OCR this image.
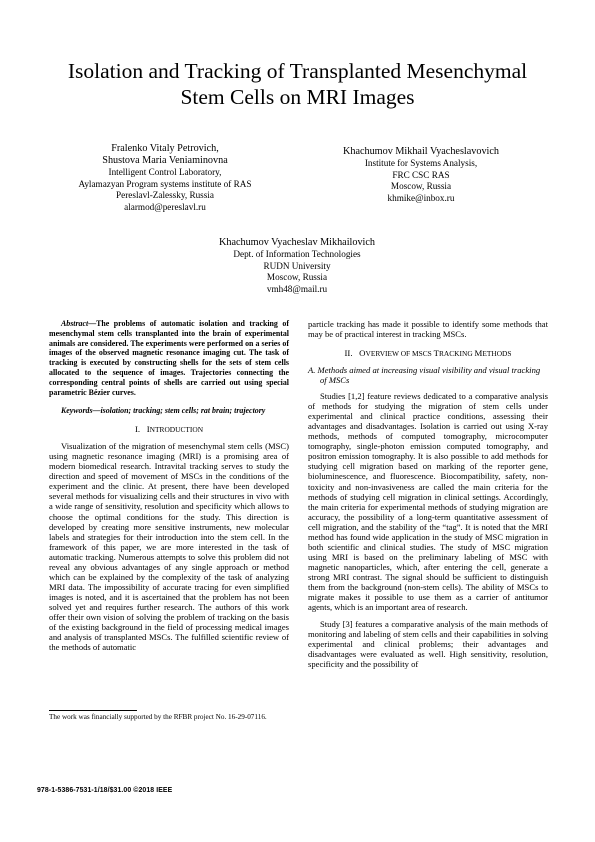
Isolation and Tracking of Transplanted Mesenchymal
Stem Cells on MRI Images
Fralenko Vitaly Petrovich,
Shustova Maria Veniaminovna
Intelligent Control Laboratory,
Aylamazyan Program systems institute of RAS
Pereslavl-Zalessky, Russia
alarmod@pereslavl.ru
Khachumov Mikhail Vyacheslavovich
Institute for Systems Analysis,
FRC CSC RAS
Moscow, Russia
khmike@inbox.ru
Khachumov Vyacheslav Mikhailovich
Dept. of Information Technologies
RUDN University
Moscow, Russia
vmh48@mail.ru

Abstract—The problems of automatic isolation and tracking of mesenchymal stem cells transplanted into the brain of experimental animals are considered. The experiments were performed on a series of images of the observed magnetic resonance imaging cut. The task of tracking is executed by constructing shells for the sets of stem cells allocated to the sequence of images. Trajectories connecting the corresponding central points of shells are carried out using special parametric Bézier curves.

Keywords—isolation; tracking; stem cells; rat brain; trajectory

I. INTRODUCTION

Visualization of the migration of mesenchymal stem cells (MSC) using magnetic resonance imaging (MRI) is a promising area of modern biomedical research. Intravital tracking serves to study the direction and speed of movement of MSCs in the conditions of the experiment and the clinic. At present, there have been developed several methods for visualizing cells and their structures in vivo with a wide range of sensitivity, resolution and specificity which allows to choose the optimal conditions for the study. This direction is developed by creating more sensitive instruments, new molecular labels and strategies for their introduction into the stem cell. In the framework of this paper, we are more interested in the task of automatic tracking. Numerous attempts to solve this problem did not reveal any obvious advantages of any single approach or method which can be explained by the complexity of the task of analyzing MRI data. The impossibility of accurate tracing for even simplified images is noted, and it is ascertained that the problem has not been solved yet and requires further research. The authors of this work offer their own vision of solving the problem of tracking on the basis of the existing background in the field of processing medical images and analysis of transplanted MSCs. The fulfilled scientific review of the methods of automatic

particle tracking has made it possible to identify some methods that may be of practical interest in tracking MSCs.

II. OVERVIEW OF MSCS TRACKING METHODS
A. Methods aimed at increasing visual visibility and visual tracking of MSCs

Studies [1,2] feature reviews dedicated to a comparative analysis of methods for studying the migration of stem cells under experimental and clinical practice conditions, assessing their advantages and disadvantages. Isolation is carried out using X-ray methods, methods of computed tomography, microcomputer tomography, single-photon emission computed tomography, and positron emission tomography. It is also possible to add methods for studying cell migration based on marking of the reporter gene, bioluminescence, and fluorescence. Biocompatibility, safety, non-toxicity and non-invasiveness are called the main criteria for the methods of studying cell migration in clinical settings. Accordingly, the main criteria for experimental methods of studying migration are accuracy, the possibility of a long-term quantitative assessment of cell migration, and the stability of the “tag”. It is noted that the MRI method has found wide application in the study of MSC migration in both scientific and clinical studies. The study of MSC migration using MRI is based on the preliminary labeling of MSC with magnetic nanoparticles, which, after entering the cell, generate a strong MRI contrast. The signal should be sufficient to distinguish them from the background (non-stem cells). The ability of MSCs to migrate makes it possible to use them as a carrier of antitumor agents, which is an important area of research.

Study [3] features a comparative analysis of the main methods of monitoring and labeling of stem cells and their capabilities in solving experimental and clinical problems; their advantages and disadvantages were evaluated as well. High sensitivity, resolution, specificity and the possibility of

The work was financially supported by the RFBR project No. 16-29-07116.
978-1-5386-7531-1/18/$31.00 ©2018 IEEE
